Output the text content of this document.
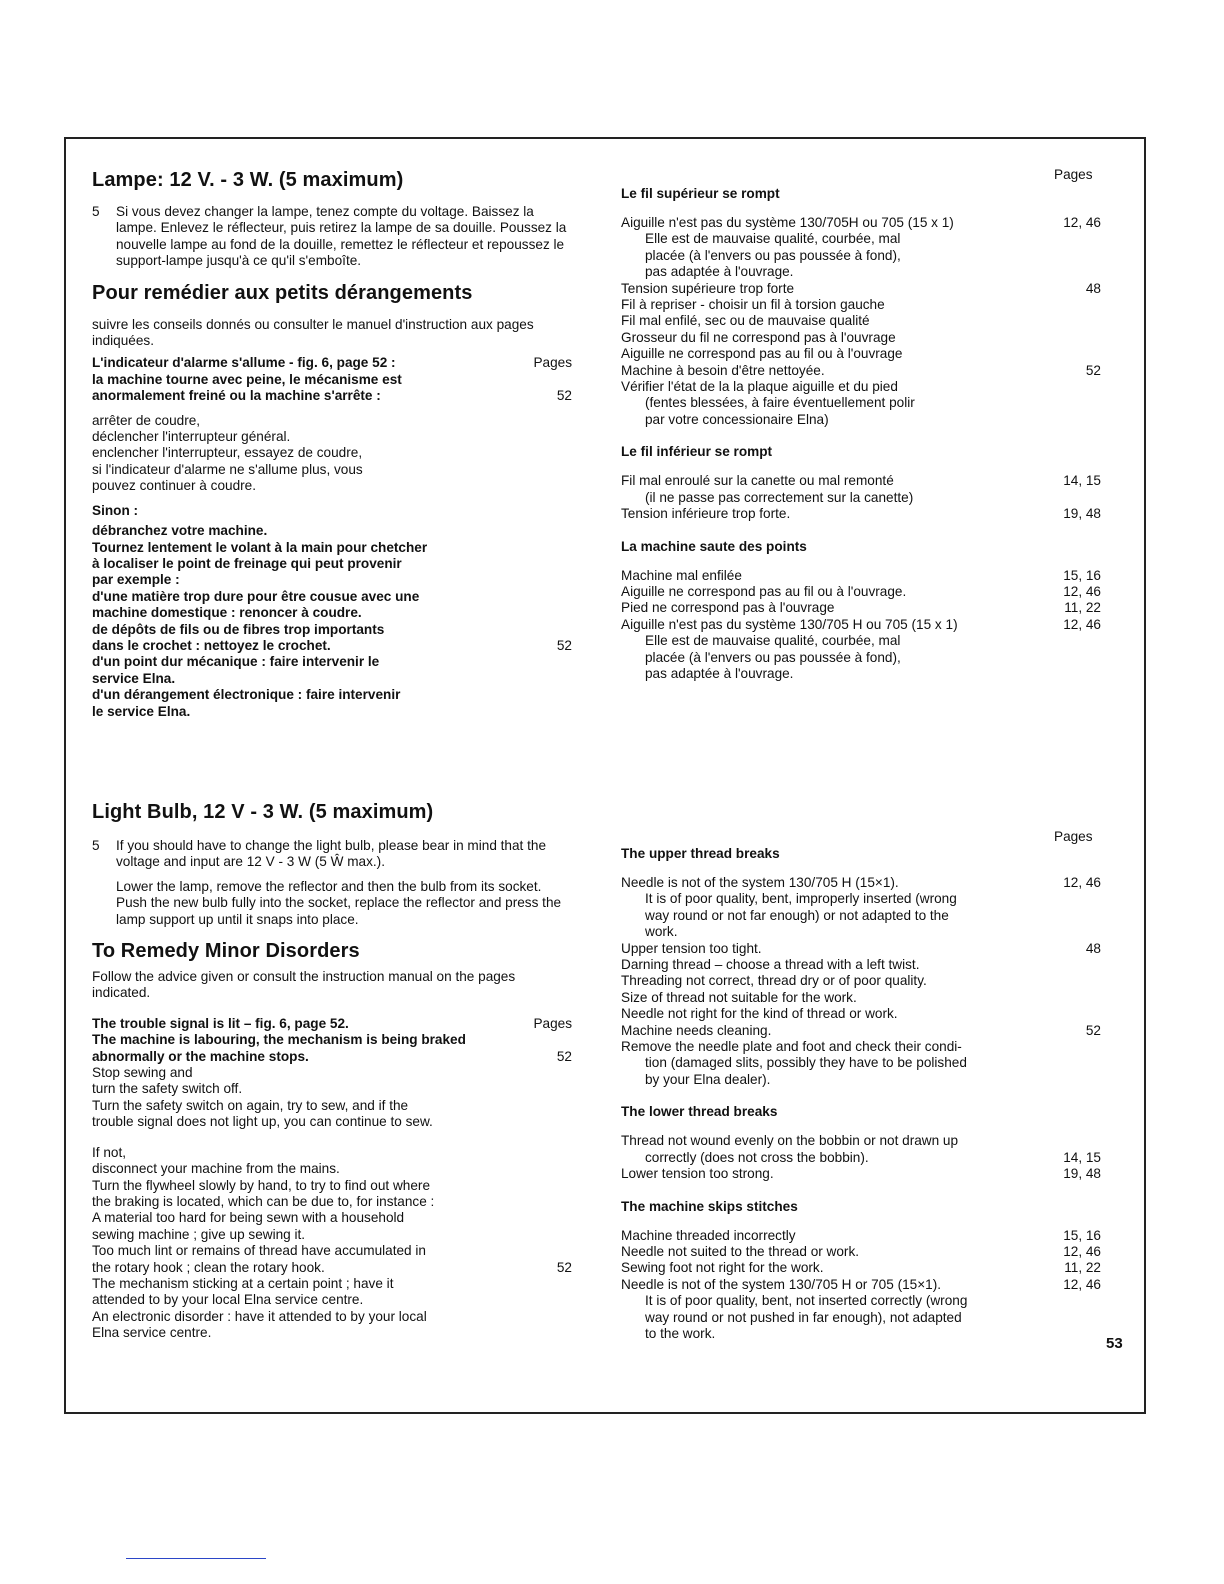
Lampe: 12 V. - 3 W. (5 maximum)
5 Si vous devez changer la lampe, tenez compte du voltage. Baissez la lampe. Enlevez le réflecteur, puis retirez la lampe de sa douille. Poussez la nouvelle lampe au fond de la douille, remettez le réflecteur et repoussez le support-lampe jusqu'à ce qu'il s'emboîte.
Pour remédier aux petits dérangements
suivre les conseils donnés ou consulter le manuel d'instruction aux pages indiquées.
L'indicateur d'alarme s'allume - fig. 6, page 52 :	Pages
la machine tourne avec peine, le mécanisme est
anormalement freiné ou la machine s'arrête :	52
arrêter de coudre,
déclencher l'interrupteur général.
enclencher l'interrupteur, essayez de coudre,
si l'indicateur d'alarme ne s'allume plus, vous
pouvez continuer à coudre.
Sinon :
débranchez votre machine.
Tournez lentement le volant à la main pour chetcher
à localiser le point de freinage qui peut provenir
par exemple :
d'une matière trop dure pour être cousue avec une
machine domestique : renoncer à coudre.
de dépôts de fils ou de fibres trop importants
dans le crochet : nettoyez le crochet.	52
d'un point dur mécanique : faire intervenir le
service Elna.
d'un dérangement électronique : faire intervenir
le service Elna.
Pages
Le fil supérieur se rompt
Aiguille n'est pas du système 130/705H ou 705 (15 x 1)	12, 46
Elle est de mauvaise qualité, courbée, mal
placée (à l'envers ou pas poussée à fond),
pas adaptée à l'ouvrage.
Tension supérieure trop forte	48
Fil à repriser - choisir un fil à torsion gauche
Fil mal enfilé, sec ou de mauvaise qualité
Grosseur du fil ne correspond pas à l'ouvrage
Aiguille ne correspond pas au fil ou à l'ouvrage
Machine à besoin d'être nettoyée.	52
Vérifier l'état de la la plaque aiguille et du pied
(fentes blessées, à faire éventuellement polir
par votre concessionaire Elna)
Le fil inférieur se rompt
Fil mal enroulé sur la canette ou mal remonté	14, 15
(il ne passe pas correctement sur la canette)
Tension inférieure trop forte.	19, 48
La machine saute des points
Machine mal enfilée	15, 16
Aiguille ne correspond pas au fil ou à l'ouvrage.	12, 46
Pied ne correspond pas à l'ouvrage	11, 22
Aiguille n'est pas du système 130/705 H ou 705 (15 x 1)	12, 46
Elle est de mauvaise qualité, courbée, mal
placée (à l'envers ou pas poussée à fond),
pas adaptée à l'ouvrage.
Light Bulb, 12 V - 3 W. (5 maximum)
5 If you should have to change the light bulb, please bear in mind that the voltage and input are 12 V - 3 W (5 Ŵ max.).
Lower the lamp, remove the reflector and then the bulb from its socket. Push the new bulb fully into the socket, replace the reflector and press the lamp support up until it snaps into place.
To Remedy Minor Disorders
Follow the advice given or consult the instruction manual on the pages indicated.
The trouble signal is lit – fig. 6, page 52.	Pages
The machine is labouring, the mechanism is being braked
abnormally or the machine stops.	52
Stop sewing and
turn the safety switch off.
Turn the safety switch on again, try to sew, and if the
trouble signal does not light up, you can continue to sew.
If not,
disconnect your machine from the mains.
Turn the flywheel slowly by hand, to try to find out where
the braking is located, which can be due to, for instance :
A material too hard for being sewn with a household
sewing machine ; give up sewing it.
Too much lint or remains of thread have accumulated in
the rotary hook ; clean the rotary hook.	52
The mechanism sticking at a certain point ; have it
attended to by your local Elna service centre.
An electronic disorder : have it attended to by your local
Elna service centre.
Pages
The upper thread breaks
Needle is not of the system 130/705 H (15×1).	12, 46
It is of poor quality, bent, improperly inserted (wrong
way round or not far enough) or not adapted to the
work.
Upper tension too tight.	48
Darning thread – choose a thread with a left twist.
Threading not correct, thread dry or of poor quality.
Size of thread not suitable for the work.
Needle not right for the kind of thread or work.
Machine needs cleaning.	52
Remove the needle plate and foot and check their condi-
tion (damaged slits, possibly they have to be polished
by your Elna dealer).
The lower thread breaks
Thread not wound evenly on the bobbin or not drawn up
correctly (does not cross the bobbin).	14, 15
Lower tension too strong.	19, 48
The machine skips stitches
Machine threaded incorrectly	15, 16
Needle not suited to the thread or work.	12, 46
Sewing foot not right for the work.	11, 22
Needle is not of the system 130/705 H or 705 (15×1).	12, 46
It is of poor quality, bent, not inserted correctly (wrong
way round or not pushed in far enough), not adapted
to the work.
53
